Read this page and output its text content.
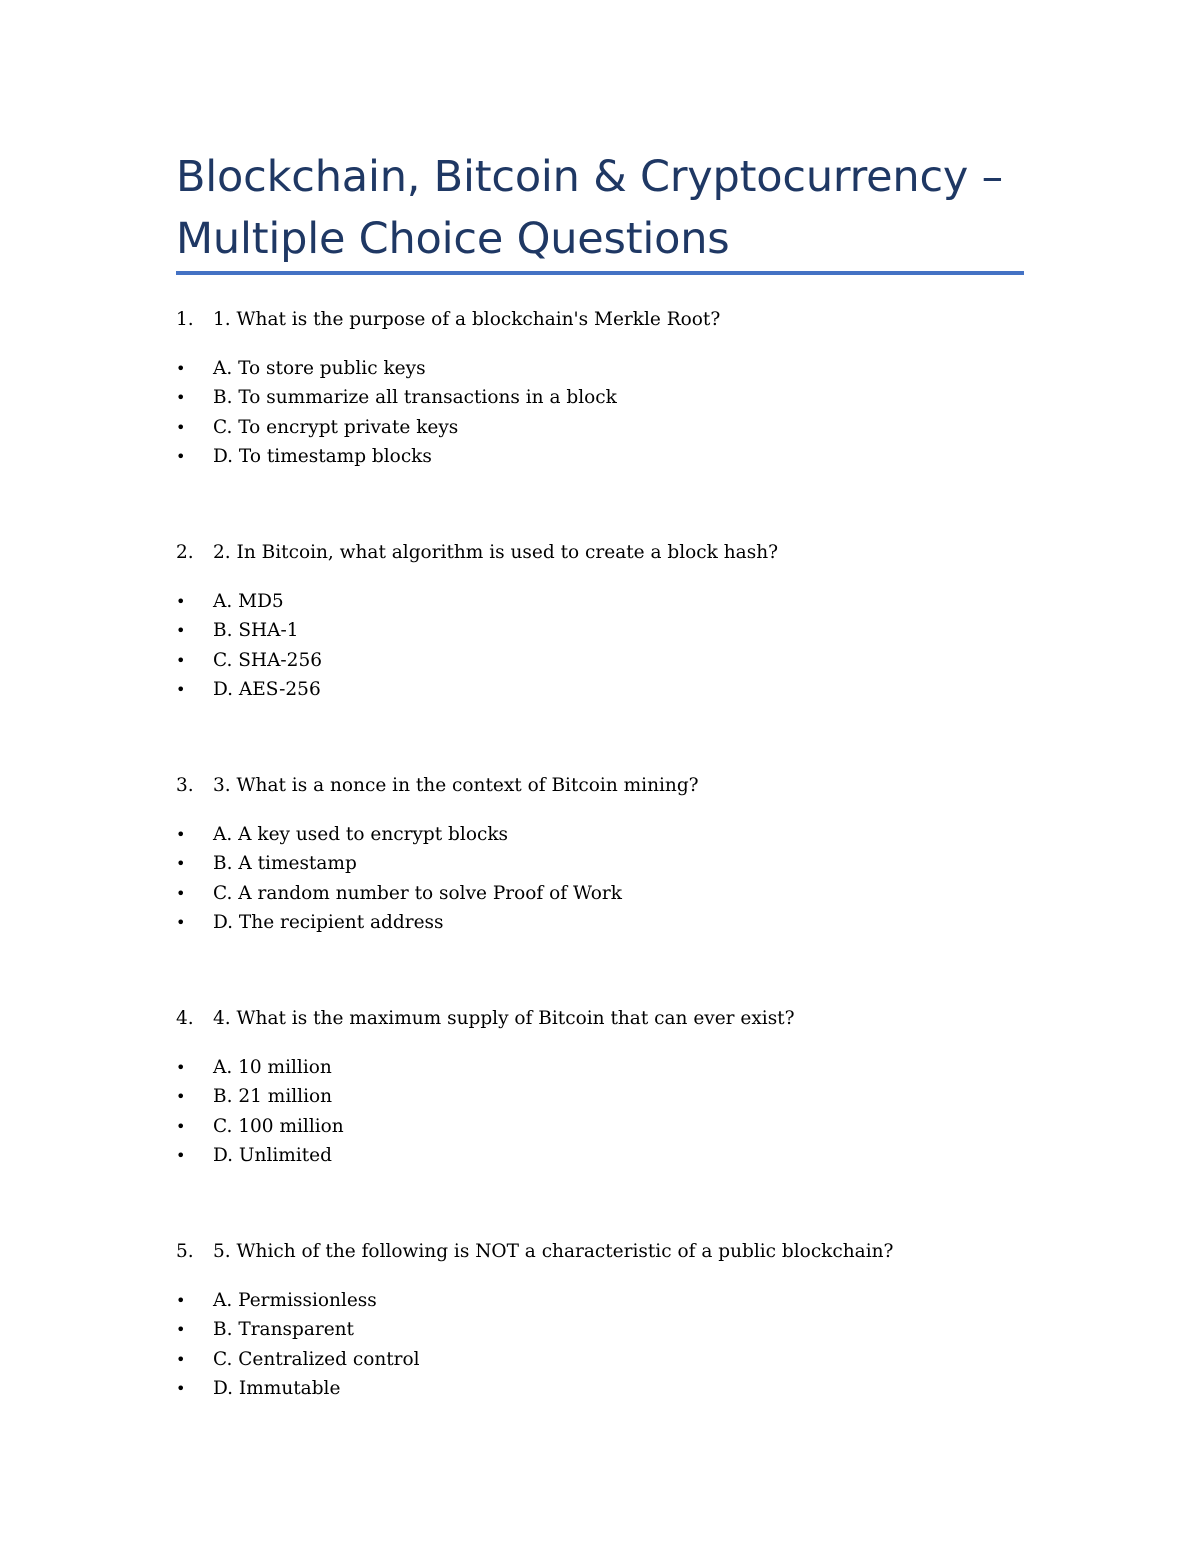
Blockchain, Bitcoin & Cryptocurrency – Multiple Choice Questions
1. 1. What is the purpose of a blockchain's Merkle Root?
• A. To store public keys
• B. To summarize all transactions in a block
• C. To encrypt private keys
• D. To timestamp blocks
2. 2. In Bitcoin, what algorithm is used to create a block hash?
• A. MD5
• B. SHA-1
• C. SHA-256
• D. AES-256
3. 3. What is a nonce in the context of Bitcoin mining?
• A. A key used to encrypt blocks
• B. A timestamp
• C. A random number to solve Proof of Work
• D. The recipient address
4. 4. What is the maximum supply of Bitcoin that can ever exist?
• A. 10 million
• B. 21 million
• C. 100 million
• D. Unlimited
5. 5. Which of the following is NOT a characteristic of a public blockchain?
• A. Permissionless
• B. Transparent
• C. Centralized control
• D. Immutable
